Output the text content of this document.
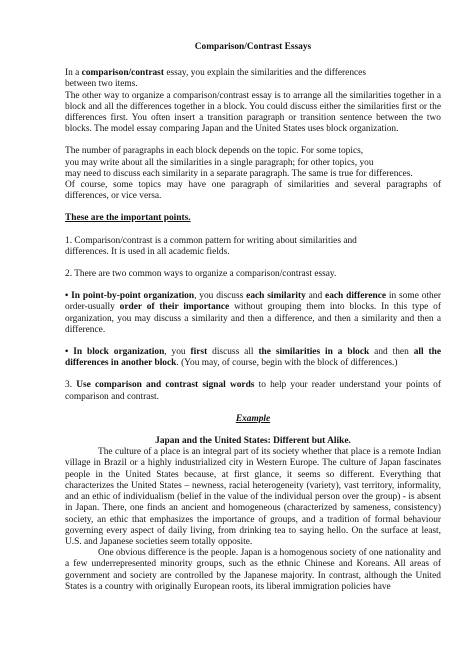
Comparison/Contrast Essays

In a comparison/contrast essay, you explain the similarities and the differences
between two items.

The other way to organize a comparison/contrast essay is to arrange all the similarities together in a block and all the differences together in a block. You could discuss either the similarities first or the differences first. You often insert a transition paragraph or transition sentence between the two blocks. The model essay comparing Japan and the United States uses block organization.

The number of paragraphs in each block depends on the topic. For some topics,
you may write about all the similarities in a single paragraph; for other topics, you
may need to discuss each similarity in a separate paragraph. The same is true for differences.

Of course, some topics may have one paragraph of similarities and several paragraphs of differences, or vice versa.

These are the important points.

1. Comparison/contrast is a common pattern for writing about similarities and
differences. It is used in all academic fields.

2. There are two common ways to organize a comparison/contrast essay.

• In point-by-point organization, you discuss each similarity and each difference in some other order-usually order of their importance without grouping them into blocks. In this type of organization, you may discuss a similarity and then a difference, and then a similarity and then a difference.

• In block organization, you first discuss all the similarities in a block and then all the differences in another block. (You may, of course, begin with the block of differences.)

3. Use comparison and contrast signal words to help your reader understand your points of comparison and contrast.

Example

Japan and the United States: Different but Alike.

The culture of a place is an integral part of its society whether that place is a remote Indian village in Brazil or a highly industrialized city in Western Europe. The culture of Japan fascinates people in the United States because, at first glance, it seems so different. Everything that characterizes the United States – newness, racial heterogeneity (variety), vast territory, informality, and an ethic of individualism (belief in the value of the individual person over the group) - is absent in Japan. There, one finds an ancient and homogeneous (characterized by sameness, consistency) society, an ethic that emphasizes the importance of groups, and a tradition of formal behaviour governing every aspect of daily living, from drinking tea to saying hello. On the surface at least, U.S. and Japanese societies seem totally opposite.

One obvious difference is the people. Japan is a homogenous society of one nationality and a few underrepresented minority groups, such as the ethnic Chinese and Koreans. All areas of government and society are controlled by the Japanese majority. In contrast, although the United States is a country with originally European roots, its liberal immigration policies have
